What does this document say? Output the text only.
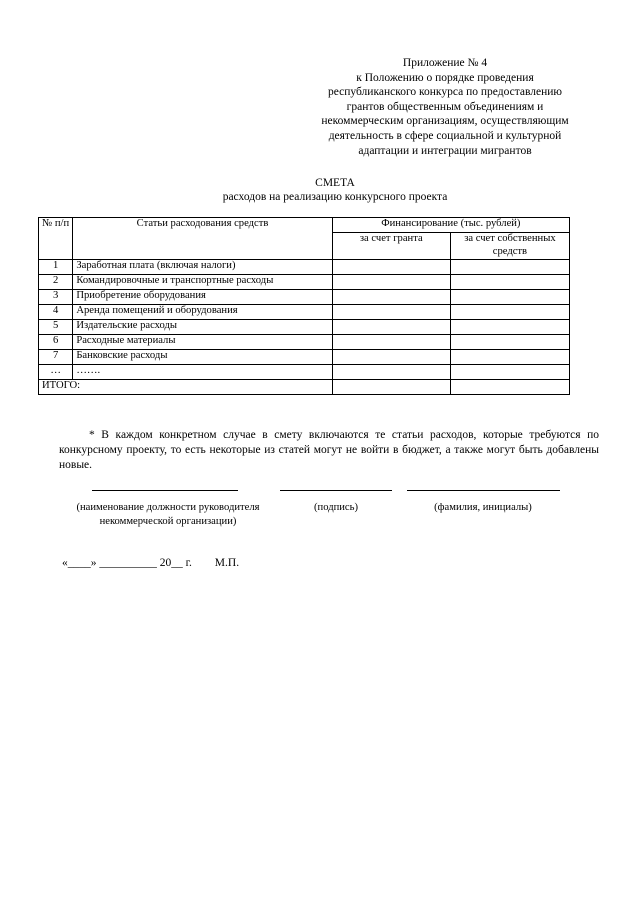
Приложение № 4
к Положению о порядке проведения
республиканского конкурса по предоставлению
грантов общественным объединениям и
некоммерческим организациям, осуществляющим
деятельность в сфере социальной и культурной
адаптации и интеграции мигрантов
СМЕТА
расходов на реализацию конкурсного проекта
№ п/п	Статьи расходования средств	Финансирование (тыс. рублей)	
		за счет гранта	за счет собственных средств
1	Заработная плата (включая налоги)		
2	Командировочные и транспортные расходы		
3	Приобретение оборудования		
4	Аренда помещений и оборудования		
5	Издательские расходы		
6	Расходные материалы		
7	Банковские расходы		
…	…….		
ИТОГО:			

* В каждом конкретном случае в смету включаются те статьи расходов, которые требуются по конкурсному проекту, то есть некоторые из статей могут не войти в бюджет, а также могут быть добавлены новые.

(наименование должности руководителя
некоммерческой организации)
(подпись)	(фамилия, инициалы)
«____» __________ 20__ г. М.П.
